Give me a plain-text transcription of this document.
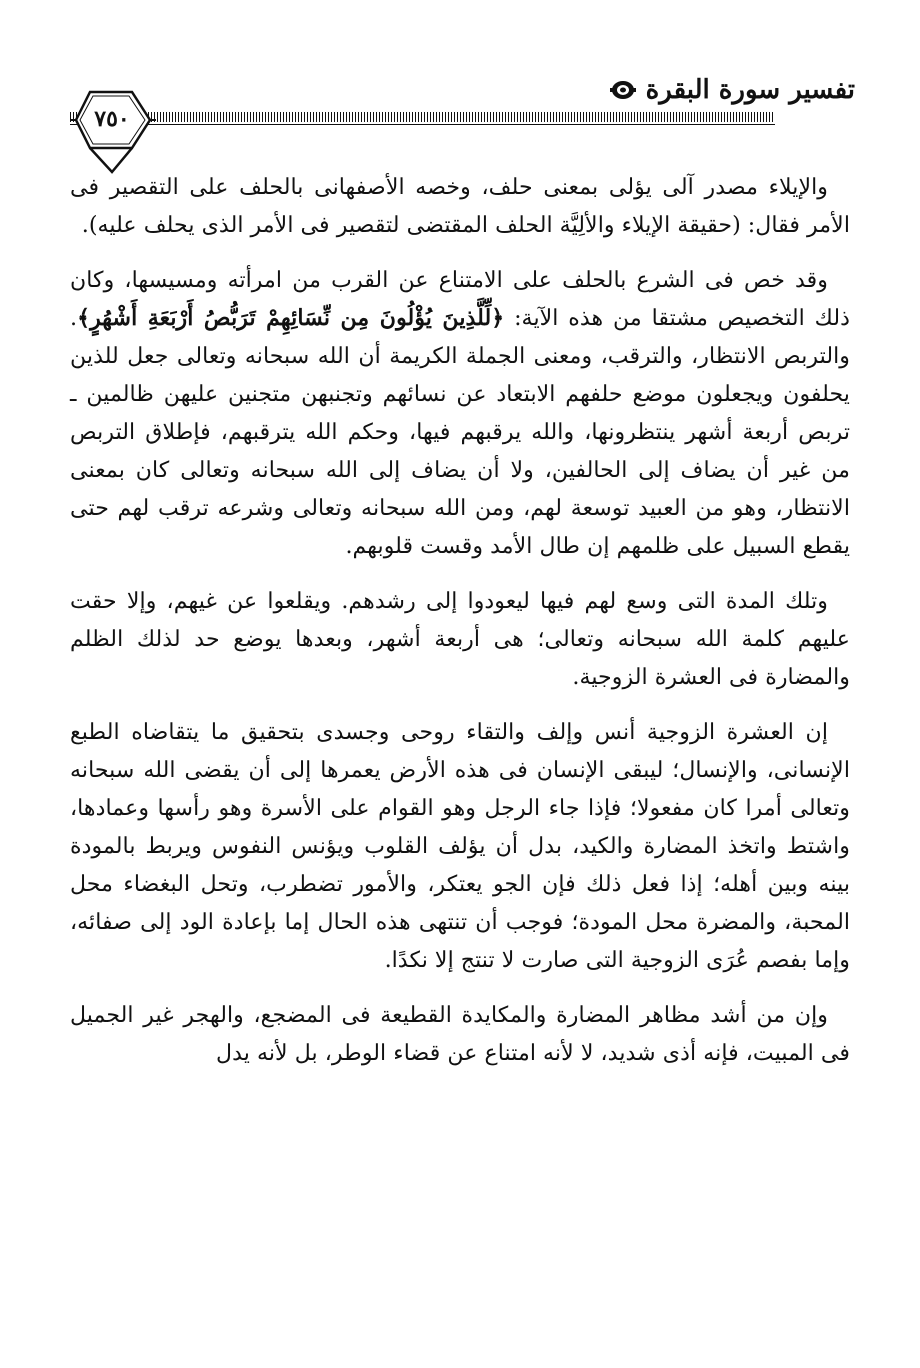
تفسير سورة البقرة
٧٥٠

والإيلاء مصدر آلى يؤلى بمعنى حلف، وخصه الأصفهانى بالحلف على التقصير فى الأمر فقال: (حقيقة الإيلاء والألِيَّة الحلف المقتضى لتقصير فى الأمر الذى يحلف عليه).

وقد خص فى الشرع بالحلف على الامتناع عن القرب من امرأته ومسيسها، وكان ذلك التخصيص مشتقا من هذه الآية: ﴿لِّلَّذِينَ يُؤْلُونَ مِن نِّسَائِهِمْ تَرَبُّصُ أَرْبَعَةِ أَشْهُرٍ﴾. والتربص الانتظار، والترقب، ومعنى الجملة الكريمة أن الله سبحانه وتعالى جعل للذين يحلفون ويجعلون موضع حلفهم الابتعاد عن نسائهم وتجنبهن متجنين عليهن ظالمين ـ تربص أربعة أشهر ينتظرونها، والله يرقبهم فيها، وحكم الله يترقبهم، فإطلاق التربص من غير أن يضاف إلى الحالفين، ولا أن يضاف إلى الله سبحانه وتعالى كان بمعنى الانتظار، وهو من العبيد توسعة لهم، ومن الله سبحانه وتعالى وشرعه ترقب لهم حتى يقطع السبيل على ظلمهم إن طال الأمد وقست قلوبهم.

وتلك المدة التى وسع لهم فيها ليعودوا إلى رشدهم. ويقلعوا عن غيهم، وإلا حقت عليهم كلمة الله سبحانه وتعالى؛ هى أربعة أشهر، وبعدها يوضع حد لذلك الظلم والمضارة فى العشرة الزوجية.

إن العشرة الزوجية أنس وإلف والتقاء روحى وجسدى بتحقيق ما يتقاضاه الطبع الإنسانى، والإنسال؛ ليبقى الإنسان فى هذه الأرض يعمرها إلى أن يقضى الله سبحانه وتعالى أمرا كان مفعولا؛ فإذا جاء الرجل وهو القوام على الأسرة وهو رأسها وعمادها، واشتط واتخذ المضارة والكيد، بدل أن يؤلف القلوب ويؤنس النفوس ويربط بالمودة بينه وبين أهله؛ إذا فعل ذلك فإن الجو يعتكر، والأمور تضطرب، وتحل البغضاء محل المحبة، والمضرة محل المودة؛ فوجب أن تنتهى هذه الحال إما بإعادة الود إلى صفائه، وإما بفصم عُرَى الزوجية التى صارت لا تنتج إلا نكدًا.

وإن من أشد مظاهر المضارة والمكايدة القطيعة فى المضجع، والهجر غير الجميل فى المبيت، فإنه أذى شديد، لا لأنه امتناع عن قضاء الوطر، بل لأنه يدل
